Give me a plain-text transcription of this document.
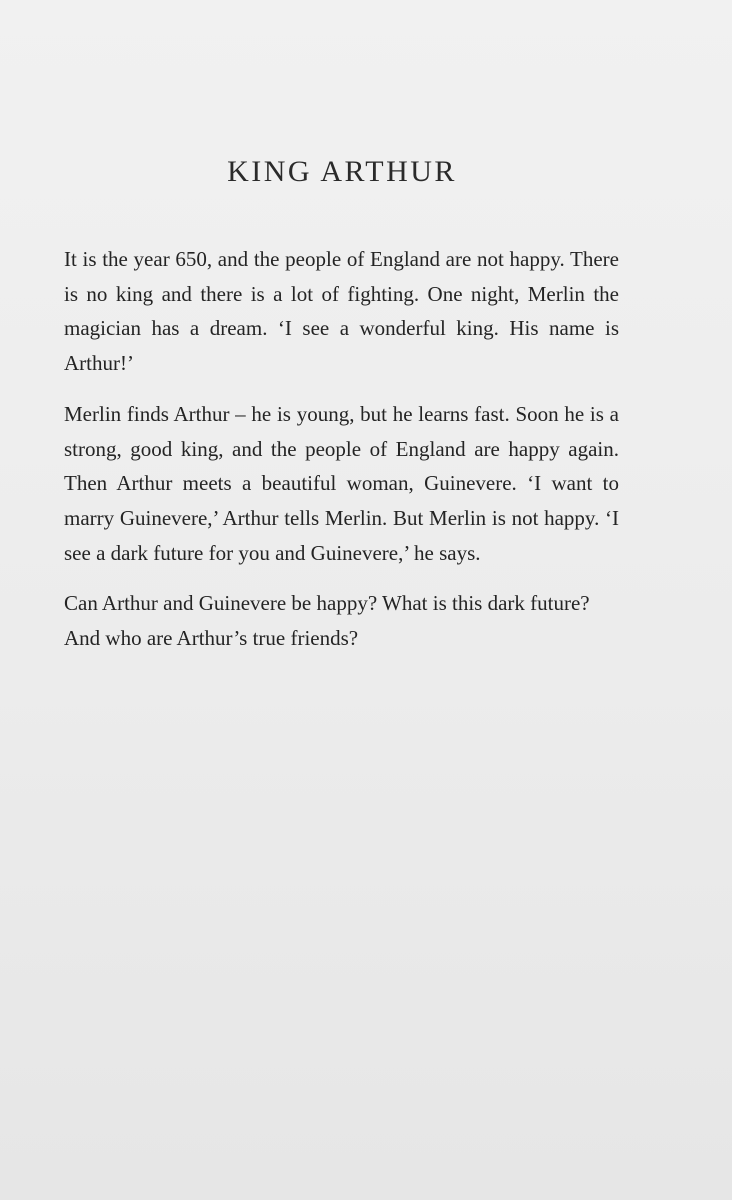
KING ARTHUR

It is the year 650, and the people of England are not happy. There is no king and there is a lot of fighting. One night, Merlin the magician has a dream. ‘I see a wonderful king. His name is Arthur!’

Merlin finds Arthur – he is young, but he learns fast. Soon he is a strong, good king, and the people of England are happy again. Then Arthur meets a beautiful woman, Guinevere. ‘I want to marry Guinevere,’ Arthur tells Merlin. But Merlin is not happy. ‘I see a dark future for you and Guinevere,’ he says.

Can Arthur and Guinevere be happy? What is this dark future? And who are Arthur’s true friends?
